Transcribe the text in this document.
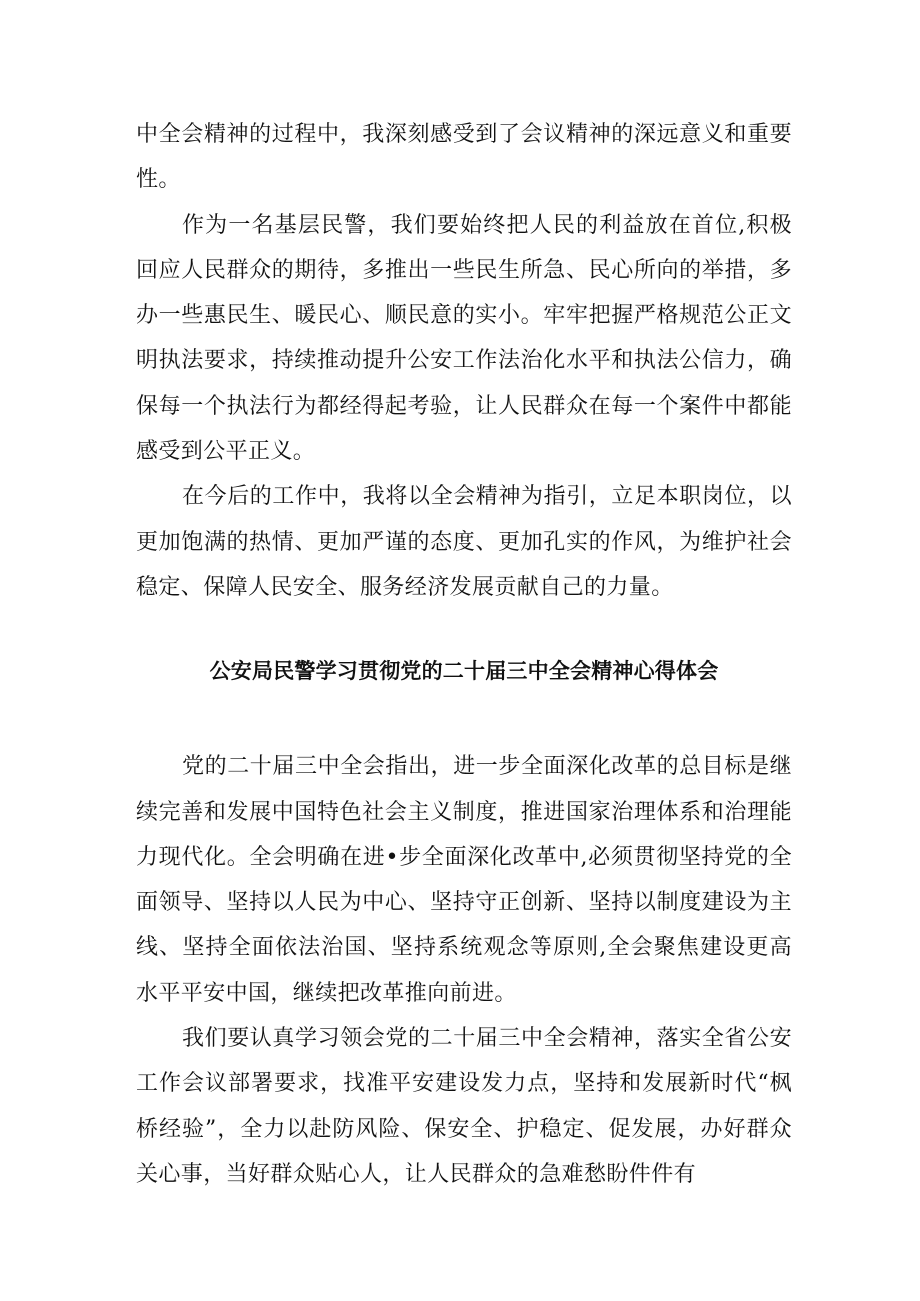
中全会精神的过程中，我深刻感受到了会议精神的深远意义和重要性。

作为一名基层民警，我们要始终把人民的利益放在首位,积极回应人民群众的期待，多推出一些民生所急、民心所向的举措，多办一些惠民生、暖民心、顺民意的实小。牢牢把握严格规范公正文明执法要求，持续推动提升公安工作法治化水平和执法公信力，确保每一个执法行为都经得起考验，让人民群众在每一个案件中都能感受到公平正义。

在今后的工作中，我将以全会精神为指引，立足本职岗位，以更加饱满的热情、更加严谨的态度、更加孔实的作风，为维护社会稳定、保障人民安全、服务经济发展贡献自己的力量。

公安局民警学习贯彻党的二十届三中全会精神心得体会

党的二十届三中全会指出，进一步全面深化改革的总目标是继续完善和发展中国特色社会主义制度，推进国家治理体系和治理能力现代化。全会明确在进•步全面深化改革中,必须贯彻坚持党的全面领导、坚持以人民为中心、坚持守正创新、坚持以制度建设为主线、坚持全面依法治国、坚持系统观念等原则,全会聚焦建设更高水平平安中国，继续把改革推向前进。

我们要认真学习领会党的二十届三中全会精神，落实全省公安工作会议部署要求，找准平安建设发力点，坚持和发展新时代“枫桥经验”，全力以赴防风险、保安全、护稳定、促发展，办好群众关心事，当好群众贴心人，让人民群众的急难愁盼件件有
